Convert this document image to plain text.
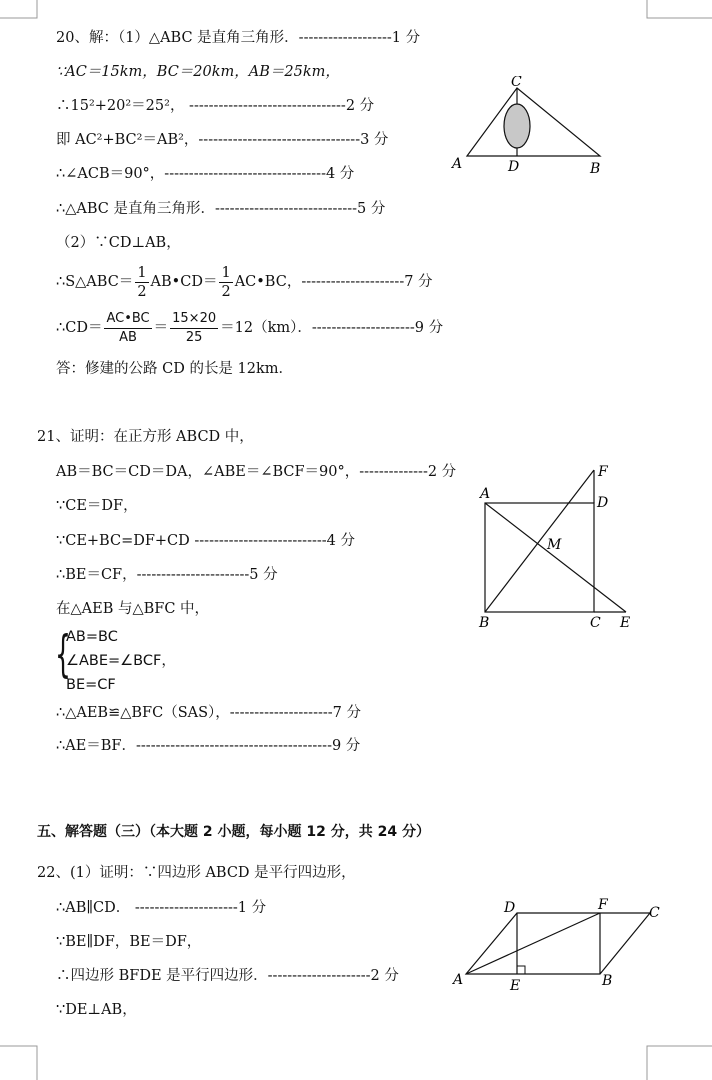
20、解：（1）△ABC 是直角三角形．-------------------1 分
∵AC＝15km，BC＝20km，AB＝25km，
∴15²+20²＝25²， --------------------------------2 分
即 AC²+BC²＝AB²，---------------------------------3 分
∴∠ACB＝90°，---------------------------------4 分
∴△ABC 是直角三角形．-----------------------------5 分
（2）∵CD⊥AB，
∴S△ABC＝ $\frac{1}{2}$ AB•CD＝ $\frac{1}{2}$ AC•BC，---------------------7 分
∴CD＝ $\frac{AC•BC}{AB} = \frac{15\times 20}{25} =12(km)$．---------------------9 分
答：修建的公路 CD 的长是 12km．
C
A	D	B
21、证明：在正方形 ABCD 中，
AB＝BC＝CD＝DA，∠ABE＝∠BCF＝90°，--------------2 分
∵CE＝DF，
∵CE+BC=DF+CD ---------------------------4 分
∴BE＝CF，-----------------------5 分
在△AEB 与△BFC 中，
{
AB=BC
∠ABE=∠BCF，
BE=CF
∴△AEB≌△BFC（SAS），---------------------7 分
∴AE＝BF．----------------------------------------9 分
A
F
D
M
B	C E
五、解答题（三）（本大题 2 小题，每小题 12 分，共 24 分）
22、(1）证明：∵四边形 ABCD 是平行四边形，
∴AB∥CD． ---------------------1 分
∵BE∥DF，BE＝DF，
∴四边形 BFDE 是平行四边形．---------------------2 分
∵DE⊥AB，
D	F	C
A	E	B
